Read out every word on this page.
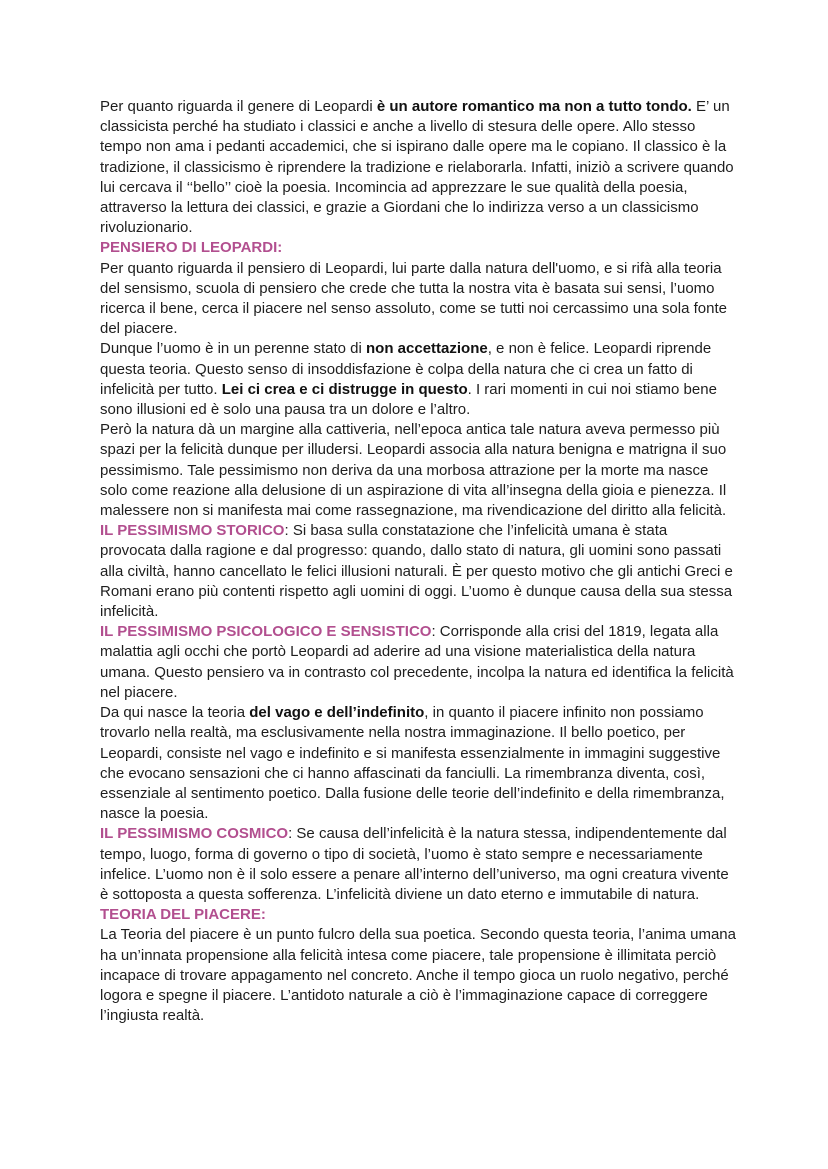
Per quanto riguarda il genere di Leopardi è un autore romantico ma non a tutto tondo. E’ un classicista perché ha studiato i classici e anche a livello di stesura delle opere. Allo stesso tempo non ama i pedanti accademici, che si ispirano dalle opere ma le copiano. Il classico è la tradizione, il classicismo è riprendere la tradizione e rielaborarla. Infatti, iniziò a scrivere quando lui cercava il ‘‘bello’’ cioè la poesia. Incomincia ad apprezzare le sue qualità della poesia, attraverso la lettura dei classici, e grazie a Giordani che lo indirizza verso a un classicismo rivoluzionario.

PENSIERO DI LEOPARDI:

Per quanto riguarda il pensiero di Leopardi, lui parte dalla natura dell'uomo, e si rifà alla teoria del sensismo, scuola di pensiero che crede che tutta la nostra vita è basata sui sensi, l’uomo ricerca il bene, cerca il piacere nel senso assoluto, come se tutti noi cercassimo una sola fonte del piacere.

Dunque l’uomo è in un perenne stato di non accettazione, e non è felice. Leopardi riprende questa teoria. Questo senso di insoddisfazione è colpa della natura che ci crea un fatto di infelicità per tutto. Lei ci crea e ci distrugge in questo. I rari momenti in cui noi stiamo bene sono illusioni ed è solo una pausa tra un dolore e l’altro.

Però la natura dà un margine alla cattiveria, nell’epoca antica tale natura aveva permesso più spazi per la felicità dunque per illudersi. Leopardi associa alla natura benigna e matrigna il suo pessimismo. Tale pessimismo non deriva da una morbosa attrazione per la morte ma nasce solo come reazione alla delusione di un aspirazione di vita all’insegna della gioia e pienezza. Il malessere non si manifesta mai come rassegnazione, ma rivendicazione del diritto alla felicità.

IL PESSIMISMO STORICO: Si basa sulla constatazione che l’infelicità umana è stata provocata dalla ragione e dal progresso: quando, dallo stato di natura, gli uomini sono passati alla civiltà, hanno cancellato le felici illusioni naturali. È per questo motivo che gli antichi Greci e Romani erano più contenti rispetto agli uomini di oggi. L’uomo è dunque causa della sua stessa infelicità.

IL PESSIMISMO PSICOLOGICO E SENSISTICO: Corrisponde alla crisi del 1819, legata alla malattia agli occhi che portò Leopardi ad aderire ad una visione materialistica della natura umana. Questo pensiero va in contrasto col precedente, incolpa la natura ed identifica la felicità nel piacere.

Da qui nasce la teoria del vago e dell’indefinito, in quanto il piacere infinito non possiamo trovarlo nella realtà, ma esclusivamente nella nostra immaginazione. Il bello poetico, per Leopardi, consiste nel vago e indefinito e si manifesta essenzialmente in immagini suggestive che evocano sensazioni che ci hanno affascinati da fanciulli. La rimembranza diventa, così, essenziale al sentimento poetico. Dalla fusione delle teorie dell’indefinito e della rimembranza, nasce la poesia.

IL PESSIMISMO COSMICO: Se causa dell’infelicità è la natura stessa, indipendentemente dal tempo, luogo, forma di governo o tipo di società, l’uomo è stato sempre e necessariamente infelice. L’uomo non è il solo essere a penare all’interno dell’universo, ma ogni creatura vivente è sottoposta a questa sofferenza. L’infelicità diviene un dato eterno e immutabile di natura.

TEORIA DEL PIACERE:

La Teoria del piacere è un punto fulcro della sua poetica. Secondo questa teoria, l’anima umana ha un’innata propensione alla felicità intesa come piacere, tale propensione è illimitata perciò incapace di trovare appagamento nel concreto. Anche il tempo gioca un ruolo negativo, perché logora e spegne il piacere. L’antidoto naturale a ciò è l’immaginazione capace di correggere l’ingiusta realtà.
